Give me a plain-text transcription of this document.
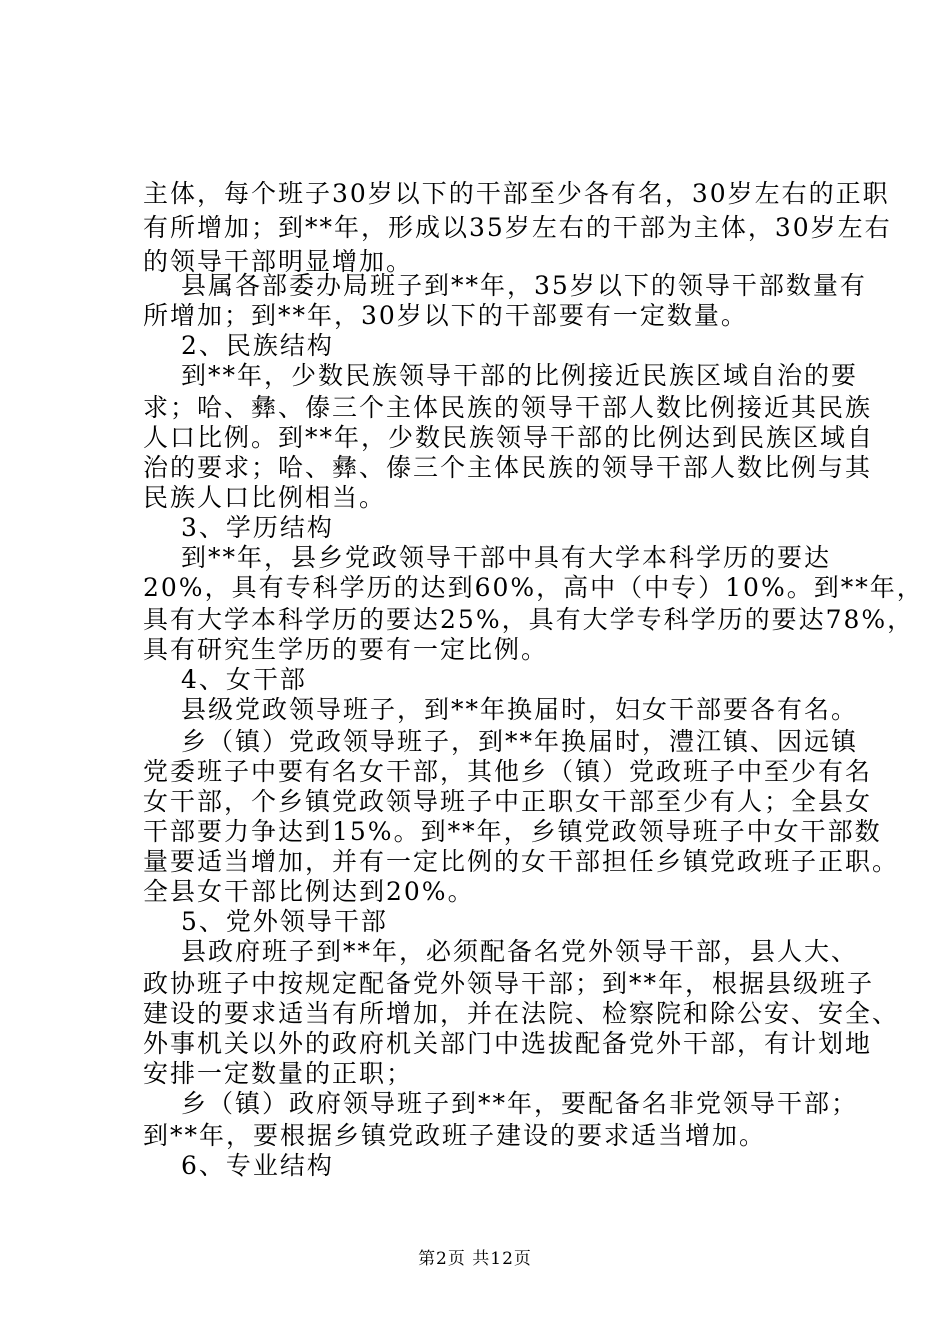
主体，每个班子30岁以下的干部至少各有名，30岁左右的正职
有所增加；到**年，形成以35岁左右的干部为主体，30岁左右
的领导干部明显增加。
县属各部委办局班子到**年，35岁以下的领导干部数量有
所增加；到**年，30岁以下的干部要有一定数量。
2、民族结构
到**年，少数民族领导干部的比例接近民族区域自治的要
求；哈、彝、傣三个主体民族的领导干部人数比例接近其民族
人口比例。到**年，少数民族领导干部的比例达到民族区域自
治的要求；哈、彝、傣三个主体民族的领导干部人数比例与其
民族人口比例相当。
3、学历结构
到**年，县乡党政领导干部中具有大学本科学历的要达
20%，具有专科学历的达到60%，高中（中专）10%。到**年，
具有大学本科学历的要达25%，具有大学专科学历的要达78%，
具有研究生学历的要有一定比例。
4、女干部
县级党政领导班子，到**年换届时，妇女干部要各有名。
乡（镇）党政领导班子，到**年换届时，澧江镇、因远镇
党委班子中要有名女干部，其他乡（镇）党政班子中至少有名
女干部，个乡镇党政领导班子中正职女干部至少有人；全县女
干部要力争达到15%。到**年，乡镇党政领导班子中女干部数
量要适当增加，并有一定比例的女干部担任乡镇党政班子正职。
全县女干部比例达到20%。
5、党外领导干部
县政府班子到**年，必须配备名党外领导干部，县人大、
政协班子中按规定配备党外领导干部；到**年，根据县级班子
建设的要求适当有所增加，并在法院、检察院和除公安、安全、
外事机关以外的政府机关部门中选拔配备党外干部，有计划地
安排一定数量的正职；
乡（镇）政府领导班子到**年，要配备名非党领导干部；
到**年，要根据乡镇党政班子建设的要求适当增加。
6、专业结构
第2页 共12页
